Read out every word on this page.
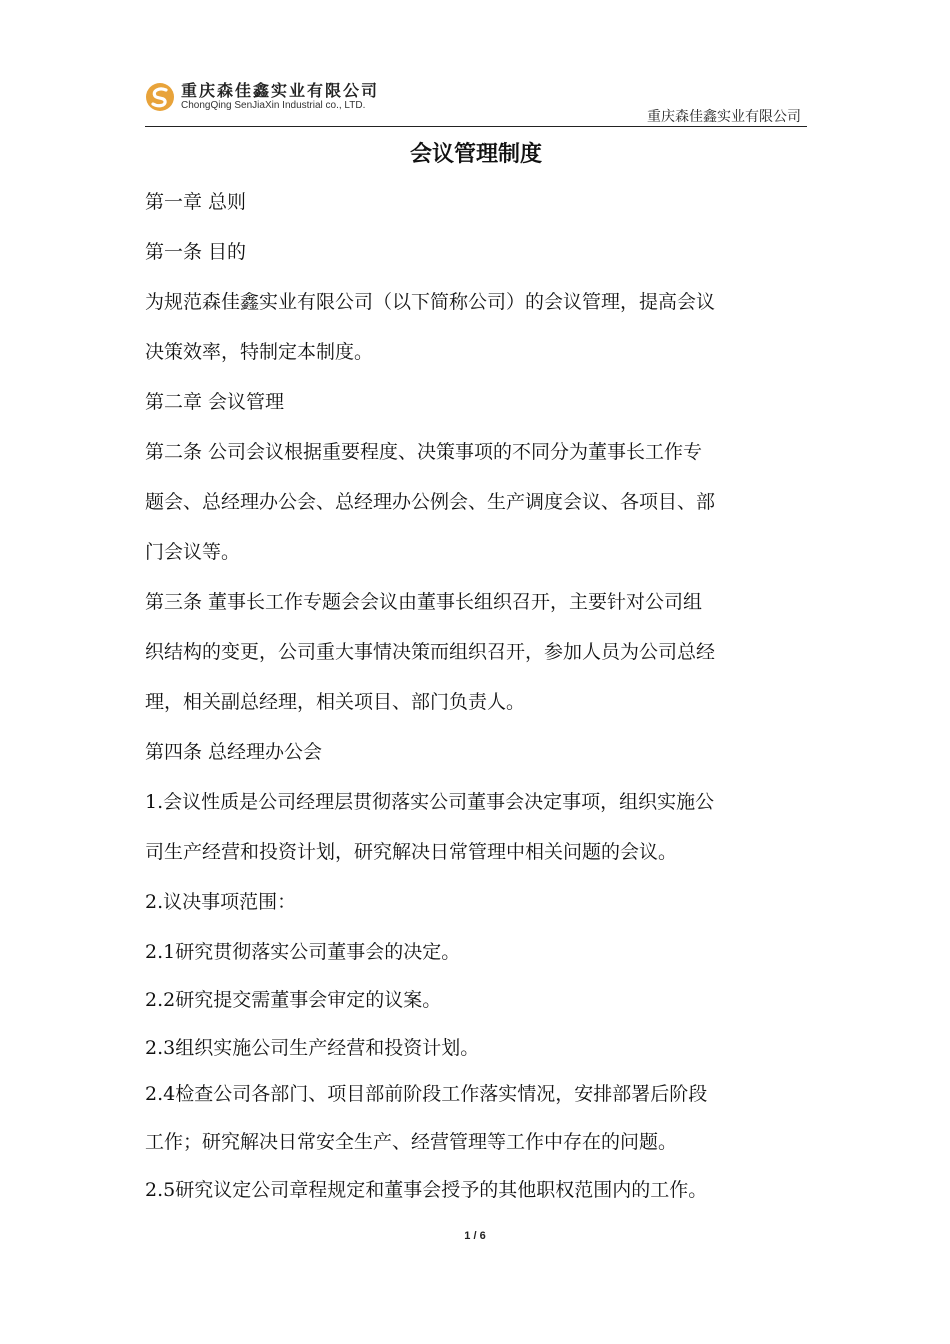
重庆森佳鑫实业有限公司
ChongQing SenJiaXin Industrial co., LTD.
重庆森佳鑫实业有限公司
会议管理制度
第一章 总则
第一条 目的
为规范森佳鑫实业有限公司（以下简称公司）的会议管理，提高会议
决策效率，特制定本制度。
第二章 会议管理
第二条 公司会议根据重要程度、决策事项的不同分为董事长工作专
题会、总经理办公会、总经理办公例会、生产调度会议、各项目、部
门会议等。
第三条 董事长工作专题会会议由董事长组织召开，主要针对公司组
织结构的变更，公司重大事情决策而组织召开，参加人员为公司总经
理，相关副总经理，相关项目、部门负责人。
第四条 总经理办公会
1.会议性质是公司经理层贯彻落实公司董事会决定事项，组织实施公
司生产经营和投资计划，研究解决日常管理中相关问题的会议。
2.议决事项范围：
2.1研究贯彻落实公司董事会的决定。
2.2研究提交需董事会审定的议案。
2.3组织实施公司生产经营和投资计划。
2.4检查公司各部门、项目部前阶段工作落实情况，安排部署后阶段
工作；研究解决日常安全生产、经营管理等工作中存在的问题。
2.5研究议定公司章程规定和董事会授予的其他职权范围内的工作。
1 / 6
